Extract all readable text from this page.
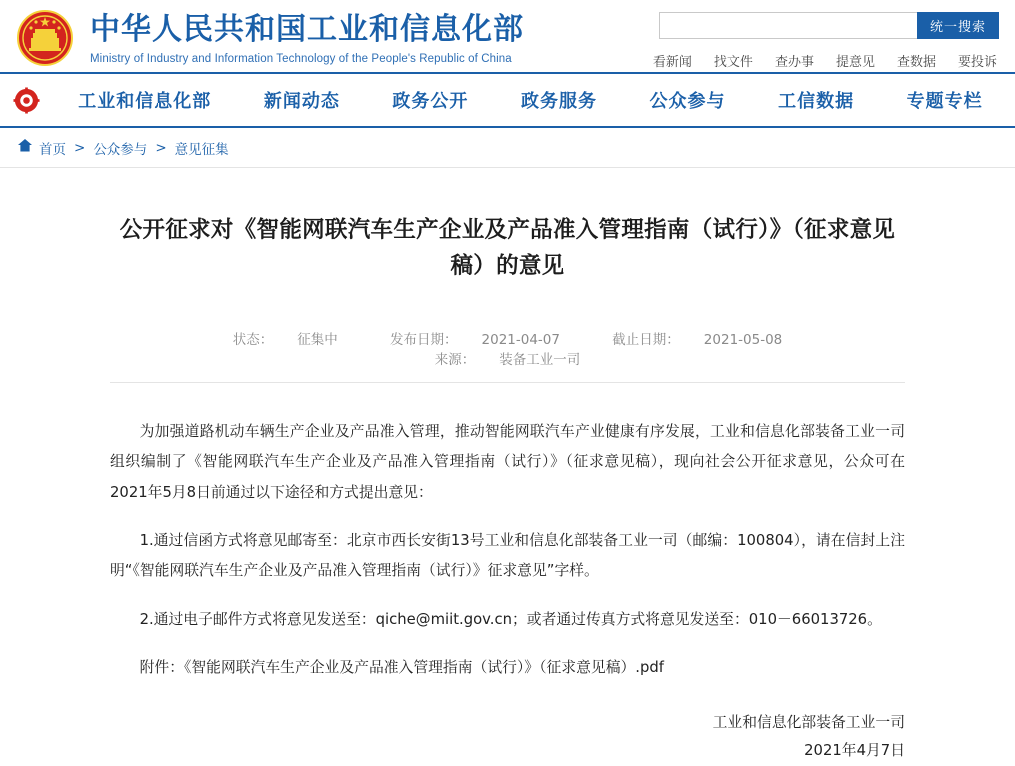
中华人民共和国工业和信息化部
Ministry of Industry and Information Technology of the People's Republic of China
统一搜索
看新闻 找文件 查办事 提意见 查数据 要投诉
工业和信息化部	新闻动态	政务公开	政务服务	公众参与	工信数据	专题专栏
首页 > 公众参与 > 意见征集
公开征求对《智能网联汽车生产企业及产品准入管理指南（试行）》（征求意见稿）的意见
状态： 征集中	发布日期： 2021-04-07	截止日期： 2021-05-08 来源： 装备工业一司

为加强道路机动车辆生产企业及产品准入管理，推动智能网联汽车产业健康有序发展，工业和信息化部装备工业一司组织编制了《智能网联汽车生产企业及产品准入管理指南（试行）》（征求意见稿），现向社会公开征求意见，公众可在2021年5月8日前通过以下途径和方式提出意见：

1.通过信函方式将意见邮寄至：北京市西长安街13号工业和信息化部装备工业一司（邮编：100804），请在信封上注明“《智能网联汽车生产企业及产品准入管理指南（试行）》征求意见”字样。

2.通过电子邮件方式将意见发送至：qiche@miit.gov.cn；或者通过传真方式将意见发送至：010－66013726。

附件：《智能网联汽车生产企业及产品准入管理指南（试行）》（征求意见稿）.pdf

工业和信息化部装备工业一司
2021年4月7日
